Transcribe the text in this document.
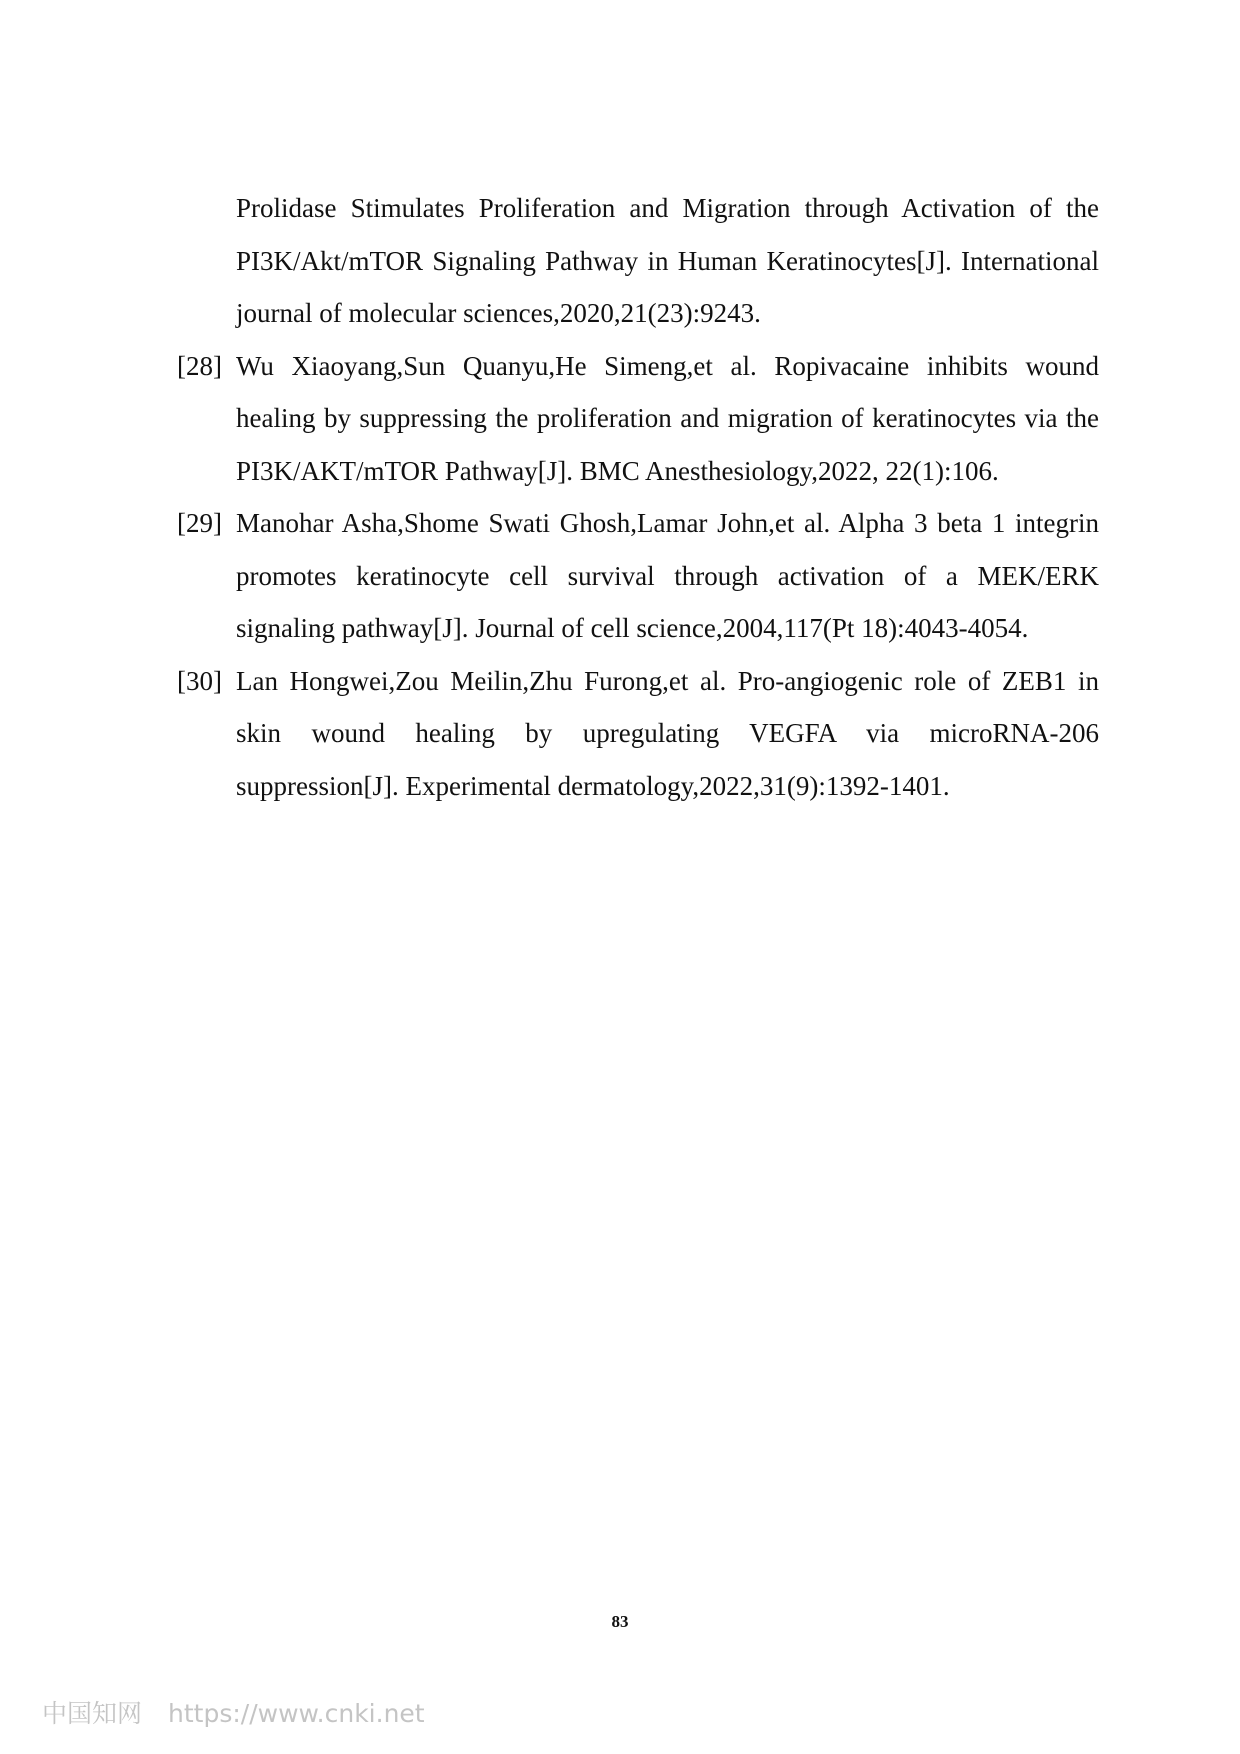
Prolidase Stimulates Proliferation and Migration through Activation of the PI3K/Akt/mTOR Signaling Pathway in Human Keratinocytes[J]. International journal of molecular sciences,2020,21(23):9243.
[28] Wu Xiaoyang,Sun Quanyu,He Simeng,et al. Ropivacaine inhibits wound healing by suppressing the proliferation and migration of keratinocytes via the PI3K/AKT/mTOR Pathway[J]. BMC Anesthesiology,2022, 22(1):106.
[29] Manohar Asha,Shome Swati Ghosh,Lamar John,et al. Alpha 3 beta 1 integrin promotes keratinocyte cell survival through activation of a MEK/ERK signaling pathway[J]. Journal of cell science,2004,117(Pt 18):4043-4054.
[30] Lan Hongwei,Zou Meilin,Zhu Furong,et al. Pro-angiogenic role of ZEB1 in skin wound healing by upregulating VEGFA via microRNA-206 suppression[J]. Experimental dermatology,2022,31(9):1392-1401.
83
中国知网 https://www.cnki.net
